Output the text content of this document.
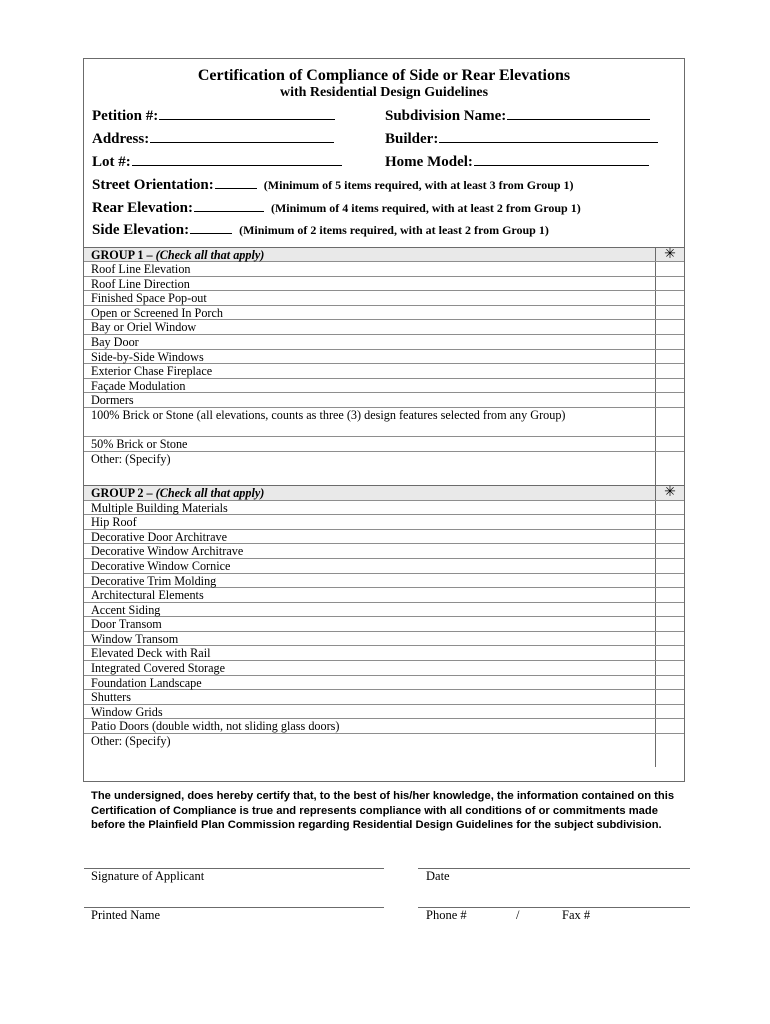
Certification of Compliance of Side or Rear Elevations
with Residential Design Guidelines
Petition #:	Subdivision Name:
Address:	Builder:
Lot #:	Home Model:
Street Orientation:	(Minimum of 5 items required, with at least 3 from Group 1)
Rear Elevation:	(Minimum of 4 items required, with at least 2 from Group 1)
Side Elevation:	(Minimum of 2 items required, with at least 2 from Group 1)
GROUP 1 – (Check all that apply)	✳
Roof Line Elevation
Roof Line Direction
Finished Space Pop-out
Open or Screened In Porch
Bay or Oriel Window
Bay Door
Side-by-Side Windows
Exterior Chase Fireplace
Façade Modulation
Dormers
100% Brick or Stone (all elevations, counts as three (3) design features selected from any Group)
50% Brick or Stone
Other: (Specify)
GROUP 2 – (Check all that apply)	✳
Multiple Building Materials
Hip Roof
Decorative Door Architrave
Decorative Window Architrave
Decorative Window Cornice
Decorative Trim Molding
Architectural Elements
Accent Siding
Door Transom
Window Transom
Elevated Deck with Rail
Integrated Covered Storage
Foundation Landscape
Shutters
Window Grids
Patio Doors (double width, not sliding glass doors)
Other: (Specify)
The undersigned, does hereby certify that, to the best of his/her knowledge, the information contained on this Certification of Compliance is true and represents compliance with all conditions of or commitments made before the Plainfield Plan Commission regarding Residential Design Guidelines for the subject subdivision.
Signature of Applicant	Date
Printed Name	Phone #	/	Fax #
